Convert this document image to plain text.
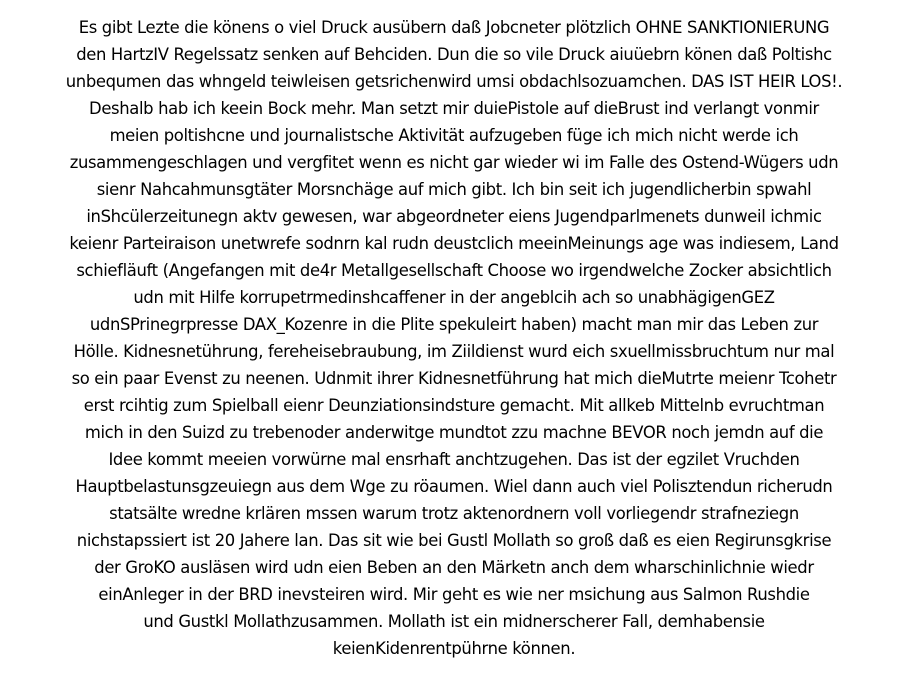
Es gibt Lezte die könens o viel Druck ausübern daß Jobcneter plötzlich OHNE SANKTIONIERUNG
den HartzIV Regelssatz senken auf Behciden. Dun die so vile Druck aiuüebrn könen daß Poltishc
unbequmen das whngeld teiwleisen getsrichenwird umsi obdachlsozuamchen. DAS IST HEIR LOS!.
Deshalb hab ich keein Bock mehr. Man setzt mir duiePistole auf dieBrust ind verlangt vonmir
meien poltishcne und journalistsche Aktivität aufzugeben füge ich mich nicht werde ich
zusammengeschlagen und vergfitet wenn es nicht gar wieder wi im Falle des Ostend-Wügers udn
sienr Nahcahmunsgtäter Morsnchäge auf mich gibt. Ich bin seit ich jugendlicherbin spwahl
inShcülerzeitunegn aktv gewesen, war abgeordneter eiens Jugendparlmenets dunweil ichmic
keienr Parteiraison unetwrefe sodnrn kal rudn deustclich meeinMeinungs age was indiesem, Land
schiefläuft (Angefangen mit de4r Metallgesellschaft Choose wo irgendwelche Zocker absichtlich
udn mit Hilfe korrupetrmedinshcaffener in der angeblcih ach so unabhägigenGEZ
udnSPrinegrpresse DAX_Kozenre in die Plite spekuleirt haben) macht man mir das Leben zur
Hölle. Kidnesnetührung, fereheisebraubung, im Ziildienst wurd eich sxuellmissbruchtum nur mal
so ein paar Evenst zu neenen. Udnmit ihrer Kidnesnetführung hat mich dieMutrte meienr Tcohetr
erst rcihtig zum Spielball eienr Deunziationsindsture gemacht. Mit allkeb Mittelnb evruchtman
mich in den Suizd zu trebenoder anderwitge mundtot zzu machne BEVOR noch jemdn auf die
Idee kommt meeien vorwürne mal ensrhaft anchtzugehen. Das ist der egzilet Vruchden
Hauptbelastunsgzeuiegn aus dem Wge zu röaumen. Wiel dann auch viel Polisztendun richerudn
statsälte wredne krlären mssen warum trotz aktenordnern voll vorliegendr strafneziegn
nichstapssiert ist 20 Jahere lan. Das sit wie bei Gustl Mollath so groß daß es eien Regirunsgkrise
der GroKO ausläsen wird udn eien Beben an den Märketn anch dem wharschinlichnie wiedr
einAnleger in der BRD inevsteiren wird. Mir geht es wie ner msichung aus Salmon Rushdie
und Gustkl Mollathzusammen. Mollath ist ein midnerscherer Fall, demhabensie
keienKidenrentpührne können.
